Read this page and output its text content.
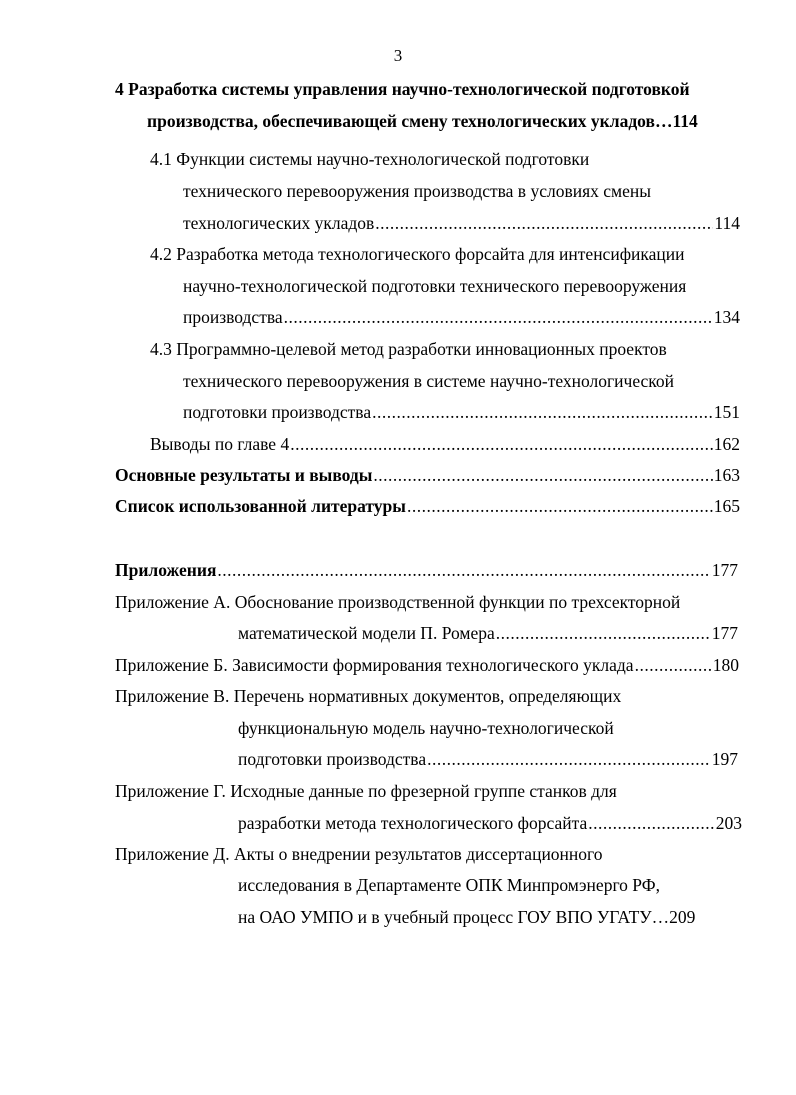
3
4 Разработка системы управления научно-технологической подготовкой
производства, обеспечивающей смену технологических укладов…114
4.1 Функции системы научно-технологической подготовки
технического перевооружения производства в условиях смены
технологических укладов .....	114
4.2 Разработка метода технологического форсайта для интенсификации
научно-технологической подготовки технического перевооружения
производства .....	134
4.3 Программно-целевой метод разработки инновационных проектов
технического перевооружения в системе научно-технологической
подготовки производства .....	151
Выводы по главе 4 .....	162
Основные результаты и выводы .....	163
Список использованной литературы .....	165
Приложения .....	177
Приложение А. Обоснование производственной функции по трехсекторной
математической модели П. Ромера .....	177
Приложение Б. Зависимости формирования технологического уклада .....	180
Приложение В. Перечень нормативных документов, определяющих
функциональную модель научно-технологической
подготовки производства .....	197
Приложение Г. Исходные данные по фрезерной группе станков для
разработки метода технологического форсайта .....	203
Приложение Д. Акты о внедрении результатов диссертационного
исследования в Департаменте ОПК Минпромэнерго РФ,
на ОАО УМПО и в учебный процесс ГОУ ВПО УГАТУ…209
